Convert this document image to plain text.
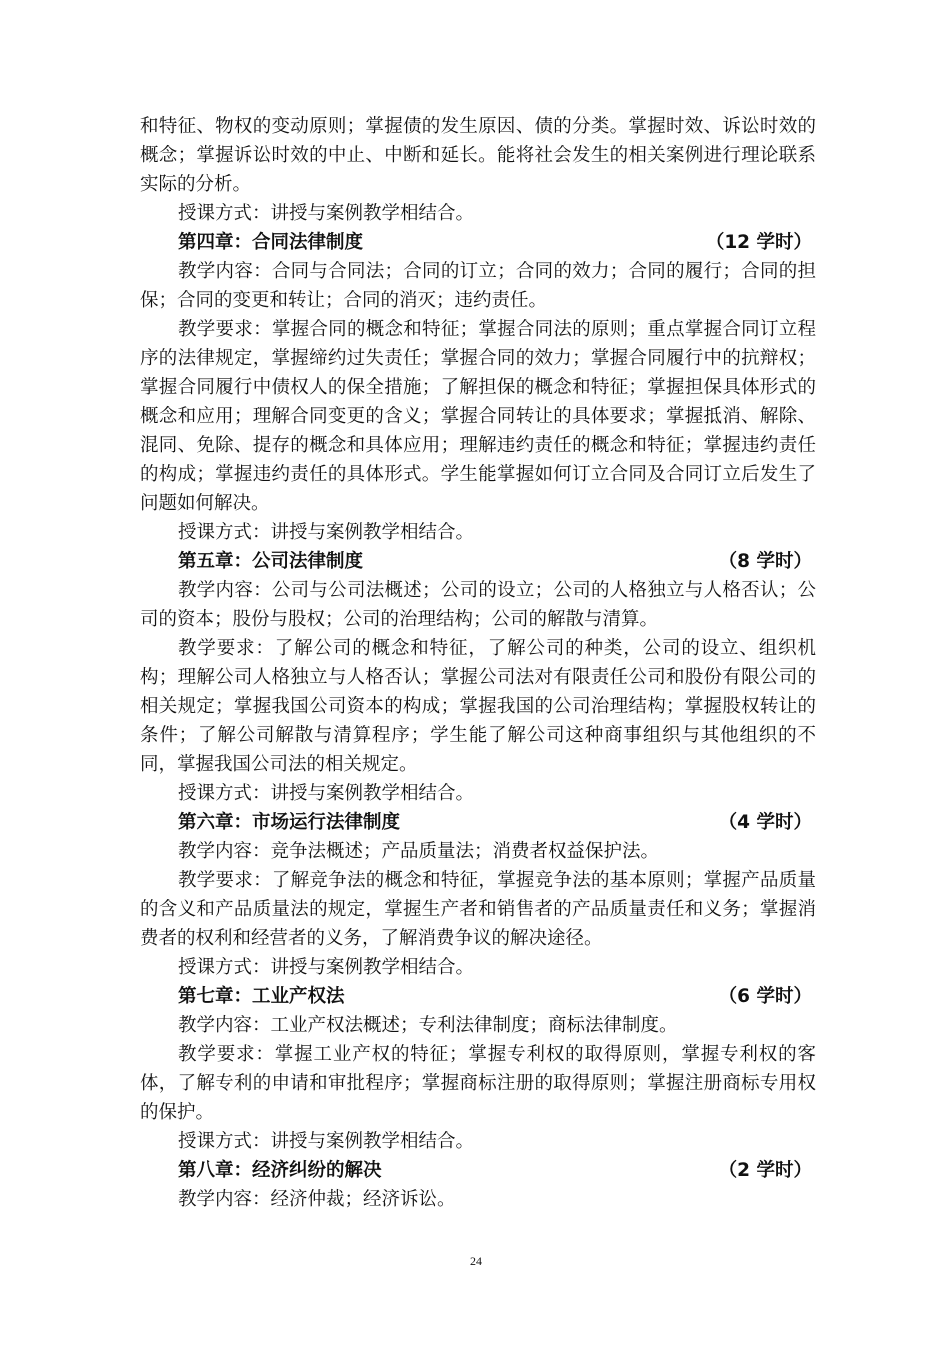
和特征、物权的变动原则；掌握债的发生原因、债的分类。掌握时效、诉讼时效的概念；掌握诉讼时效的中止、中断和延长。能将社会发生的相关案例进行理论联系实际的分析。

授课方式：讲授与案例教学相结合。

第四章：合同法律制度	（12 学时）

教学内容：合同与合同法；合同的订立；合同的效力；合同的履行；合同的担保；合同的变更和转让；合同的消灭；违约责任。

教学要求：掌握合同的概念和特征；掌握合同法的原则；重点掌握合同订立程序的法律规定，掌握缔约过失责任；掌握合同的效力；掌握合同履行中的抗辩权；掌握合同履行中债权人的保全措施；了解担保的概念和特征；掌握担保具体形式的概念和应用；理解合同变更的含义；掌握合同转让的具体要求；掌握抵消、解除、混同、免除、提存的概念和具体应用；理解违约责任的概念和特征；掌握违约责任的构成；掌握违约责任的具体形式。学生能掌握如何订立合同及合同订立后发生了问题如何解决。

授课方式：讲授与案例教学相结合。

第五章：公司法律制度	（8 学时）

教学内容：公司与公司法概述；公司的设立；公司的人格独立与人格否认；公司的资本；股份与股权；公司的治理结构；公司的解散与清算。

教学要求：了解公司的概念和特征，了解公司的种类，公司的设立、组织机构；理解公司人格独立与人格否认；掌握公司法对有限责任公司和股份有限公司的相关规定；掌握我国公司资本的构成；掌握我国的公司治理结构；掌握股权转让的条件；了解公司解散与清算程序；学生能了解公司这种商事组织与其他组织的不同，掌握我国公司法的相关规定。

授课方式：讲授与案例教学相结合。

第六章：市场运行法律制度	（4 学时）

教学内容：竞争法概述；产品质量法；消费者权益保护法。

教学要求：了解竞争法的概念和特征，掌握竞争法的基本原则；掌握产品质量的含义和产品质量法的规定，掌握生产者和销售者的产品质量责任和义务；掌握消费者的权利和经营者的义务，了解消费争议的解决途径。

授课方式：讲授与案例教学相结合。

第七章：工业产权法	（6 学时）

教学内容：工业产权法概述；专利法律制度；商标法律制度。

教学要求：掌握工业产权的特征；掌握专利权的取得原则，掌握专利权的客体，了解专利的申请和审批程序；掌握商标注册的取得原则；掌握注册商标专用权的保护。

授课方式：讲授与案例教学相结合。

第八章：经济纠纷的解决	（2 学时）

教学内容：经济仲裁；经济诉讼。

24
